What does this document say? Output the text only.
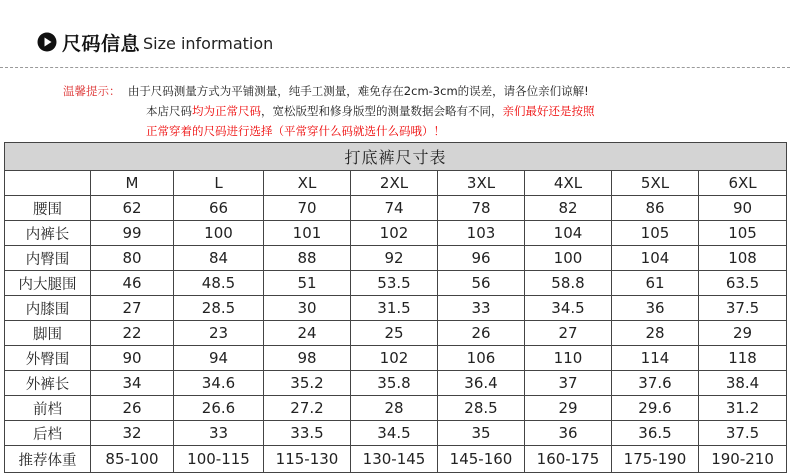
尺码信息 Size information
温馨提示： 由于尺码测量方式为平铺测量，纯手工测量，难免存在2cm-3cm的误差，请各位亲们谅解!
本店尺码均为正常尺码，宽松版型和修身版型的测量数据会略有不同，亲们最好还是按照
正常穿着的尺码进行选择（平常穿什么码就选什么码哦）！
打底裤尺寸表								
	M	L	XL	2XL	3XL	4XL	5XL	6XL
腰围	62	66	70	74	78	82	86	90
内裤长	99	100	101	102	103	104	105	105
内臀围	80	84	88	92	96	100	104	108
内大腿围	46	48.5	51	53.5	56	58.8	61	63.5
内膝围	27	28.5	30	31.5	33	34.5	36	37.5
脚围	22	23	24	25	26	27	28	29
外臀围	90	94	98	102	106	110	114	118
外裤长	34	34.6	35.2	35.8	36.4	37	37.6	38.4
前档	26	26.6	27.2	28	28.5	29	29.6	31.2
后档	32	33	33.5	34.5	35	36	36.5	37.5
推荐体重	85-100	100-115	115-130	130-145	145-160	160-175	175-190	190-210
